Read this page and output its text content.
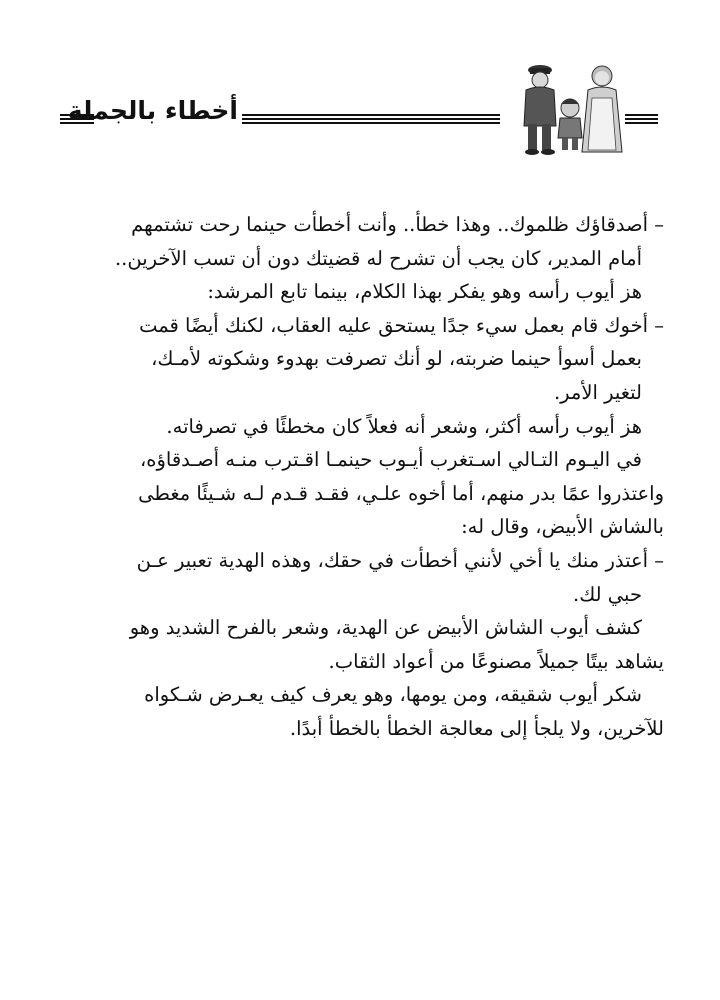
أخطاء بالجملة

– أصدقاؤك ظلموك.. وهذا خطأ.. وأنت أخطأت حينما رحت تشتمهم

أمام المدير، كان يجب أن تشرح له قضيتك دون أن تسب الآخرين..

هز أيوب رأسه وهو يفكر بهذا الكلام، بينما تابع المرشد:

– أخوك قام بعمل سيء جدًا يستحق عليه العقاب، لكنك أيضًا قمت

بعمل أسوأ حينما ضربته، لو أنك تصرفت بهدوء وشكوته لأمـك،

لتغير الأمر.

هز أيوب رأسه أكثر، وشعر أنه فعلاً كان مخطئًا في تصرفاته.

في اليـوم التـالي اسـتغرب أيـوب حينمـا اقـترب منـه أصـدقاؤه،

واعتذروا عمًا بدر منهم، أما أخوه علـي، فقـد قـدم لـه شـيئًا مغطى

بالشاش الأبيض، وقال له:

– أعتذر منك يا أخي لأنني أخطأت في حقك، وهذه الهدية تعبير عـن

حبي لك.

كشف أيوب الشاش الأبيض عن الهدية، وشعر بالفرح الشديد وهو

يشاهد بيتًا جميلاً مصنوعًا من أعواد الثقاب.

شكر أيوب شقيقه، ومن يومها، وهو يعرف كيف يعـرض شـكواه

للآخرين، ولا يلجأ إلى معالجة الخطأ بالخطأ أبدًا.
